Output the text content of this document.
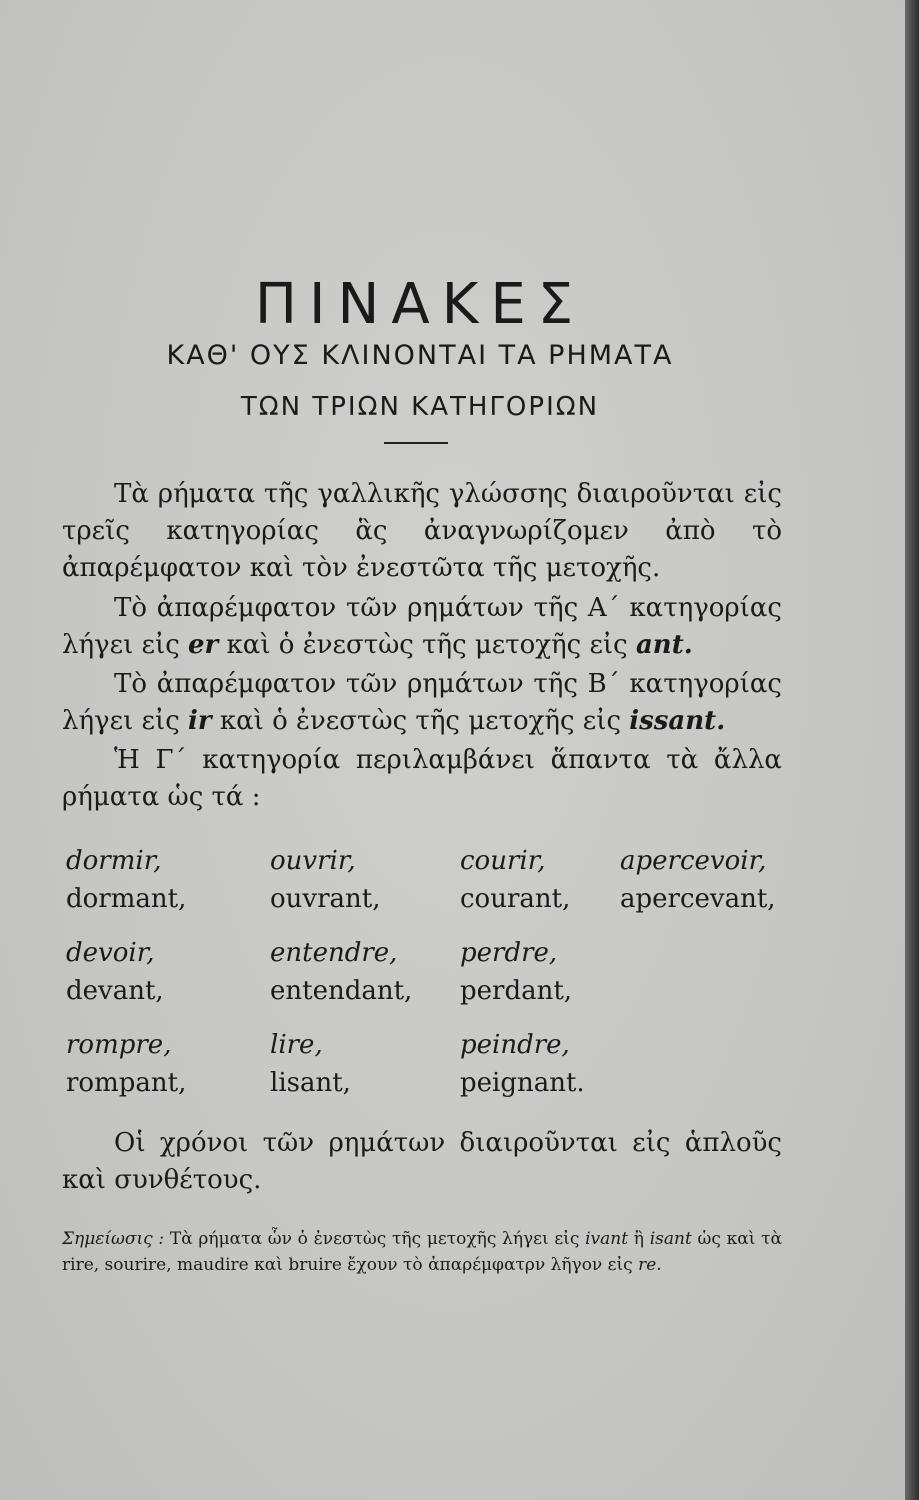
ΠΙΝΑΚΕΣ
ΚΑΘ' ΟΥΣ ΚΛΙΝΟΝΤΑΙ ΤΑ ΡΗΜΑΤΑ
ΤΩΝ ΤΡΙΩΝ ΚΑΤΗΓΟΡΙΩΝ
Τὰ ρήματα τῆς γαλλικῆς γλώσσης διαιροῦνται εἰς τρεῖς κατηγορίας ἃς ἀναγνωρίζομεν ἀπὸ τὸ ἀπαρέμφατον καὶ τὸν ἐνεστῶτα τῆς μετοχῆς.
Τὸ ἀπαρέμφατον τῶν ρημάτων τῆς Α΄ κατηγορίας λήγει εἰς er καὶ ὁ ἐνεστὼς τῆς μετοχῆς εἰς ant.
Τὸ ἀπαρέμφατον τῶν ρημάτων τῆς Β΄ κατηγορίας λήγει εἰς ir καὶ ὁ ἐνεστὼς τῆς μετοχῆς εἰς issant.
Ἡ Γ΄ κατηγορία περιλαμβάνει ἅπαντα τὰ ἄλλα ρήματα ὡς τά :
dormir,
dormant,
ouvrir,
ouvrant,
courir,
courant,
apercevoir,
apercevant,
devoir,
devant,
entendre,
entendant,
perdre,
perdant,
rompre,
rompant,
lire,
lisant,
peindre,
peignant.
Οἱ χρόνοι τῶν ρημάτων διαιροῦνται εἰς ἁπλοῦς καὶ συνθέτους.
Σημείωσις : Τὰ ρήματα ὧν ὁ ἐνεστὼς τῆς μετοχῆς λήγει εἰς ivant ἢ isant ὡς καὶ τὰ rire, sourire, maudire καὶ bruire ἔχουν τὸ ἀπαρέμφατρν λῆγον εἰς re.
